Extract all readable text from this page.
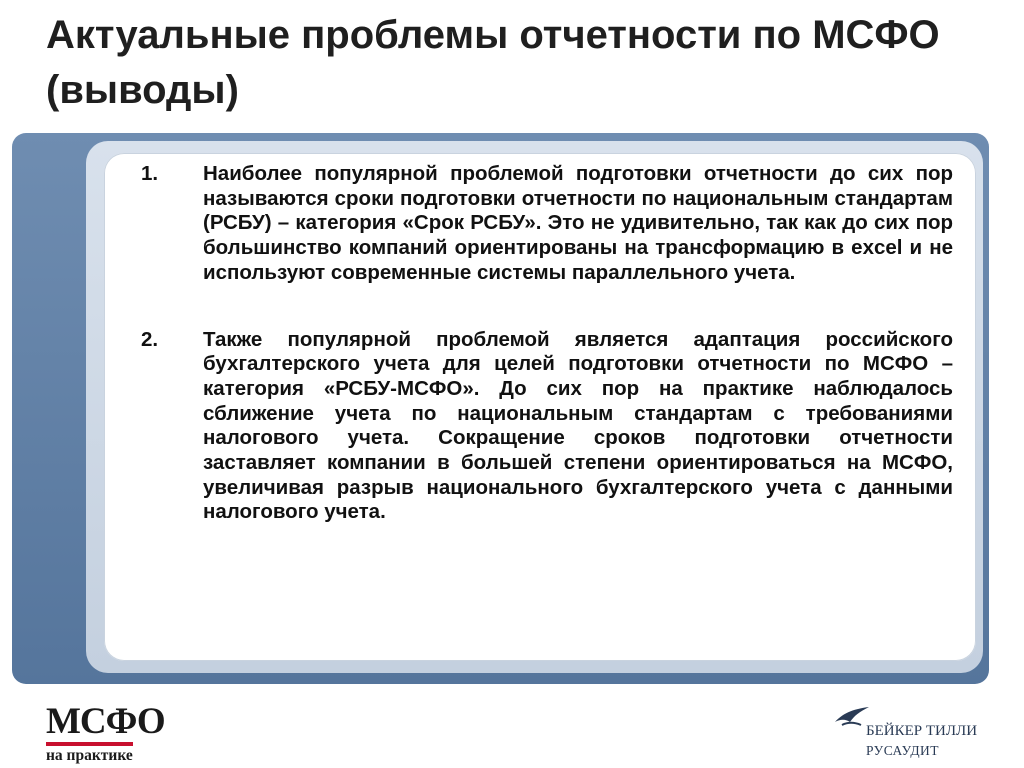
Актуальные проблемы отчетности по МСФО (выводы)
1. Наиболее популярной проблемой подготовки отчетности до сих пор называются сроки подготовки отчетности по национальным стандартам (РСБУ) – категория «Срок РСБУ». Это не удивительно, так как до сих пор большинство компаний ориентированы на трансформацию в excel и не используют современные системы параллельного учета.
2. Также популярной проблемой является адаптация российского бухгалтерского учета для целей подготовки отчетности по МСФО – категория «РСБУ-МСФО». До сих пор на практике наблюдалось сближение учета по национальным стандартам с требованиями налогового учета. Сокращение сроков подготовки отчетности заставляет компании в большей степени ориентироваться на МСФО, увеличивая разрыв национального бухгалтерского учета с данными налогового учета.
МСФО
на практике
БЕЙКЕР ТИЛЛИ
РУСАУДИТ
